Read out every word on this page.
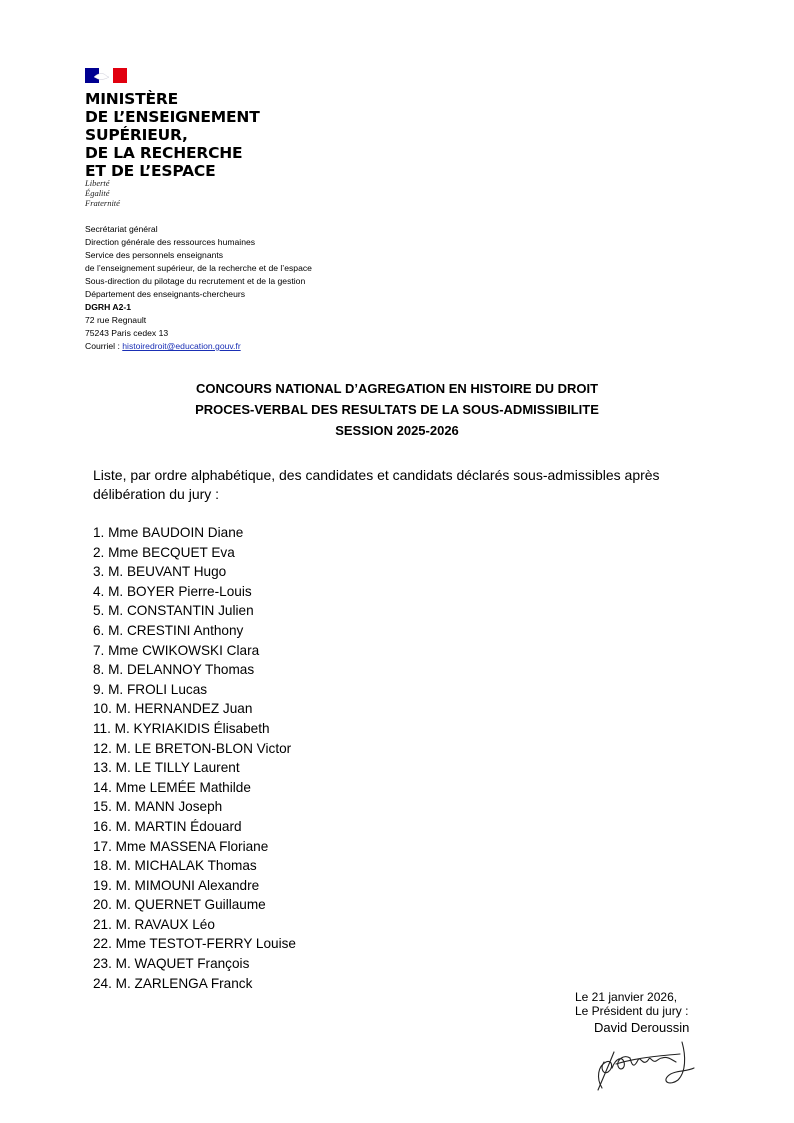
MINISTÈRE
DE L’ENSEIGNEMENT
SUPÉRIEUR,
DE LA RECHERCHE
ET DE L’ESPACE
Liberté
Égalité
Fraternité
Secrétariat général
Direction générale des ressources humaines
Service des personnels enseignants
de l’enseignement supérieur, de la recherche et de l’espace
Sous-direction du pilotage du recrutement et de la gestion
Département des enseignants-chercheurs
DGRH A2-1
72 rue Regnault
75243 Paris cedex 13
Courriel : histoiredroit@education.gouv.fr
CONCOURS NATIONAL D’AGREGATION EN HISTOIRE DU DROIT
PROCES-VERBAL DES RESULTATS DE LA SOUS-ADMISSIBILITE
SESSION 2025-2026
Liste, par ordre alphabétique, des candidates et candidats déclarés sous-admissibles après délibération du jury :
1. Mme BAUDOIN Diane
2. Mme BECQUET Eva
3. M. BEUVANT Hugo
4. M. BOYER Pierre-Louis
5. M. CONSTANTIN Julien
6. M. CRESTINI Anthony
7. Mme CWIKOWSKI Clara
8. M. DELANNOY Thomas
9. M. FROLI Lucas
10. M. HERNANDEZ Juan
11. M. KYRIAKIDIS Élisabeth
12. M. LE BRETON-BLON Victor
13. M. LE TILLY Laurent
14. Mme LEMÉE Mathilde
15. M. MANN Joseph
16. M. MARTIN Édouard
17. Mme MASSENA Floriane
18. M. MICHALAK Thomas
19. M. MIMOUNI Alexandre
20. M. QUERNET Guillaume
21. M. RAVAUX Léo
22. Mme TESTOT-FERRY Louise
23. M. WAQUET François
24. M. ZARLENGA Franck
Le 21 janvier 2026,
Le Président du jury :
David Deroussin
